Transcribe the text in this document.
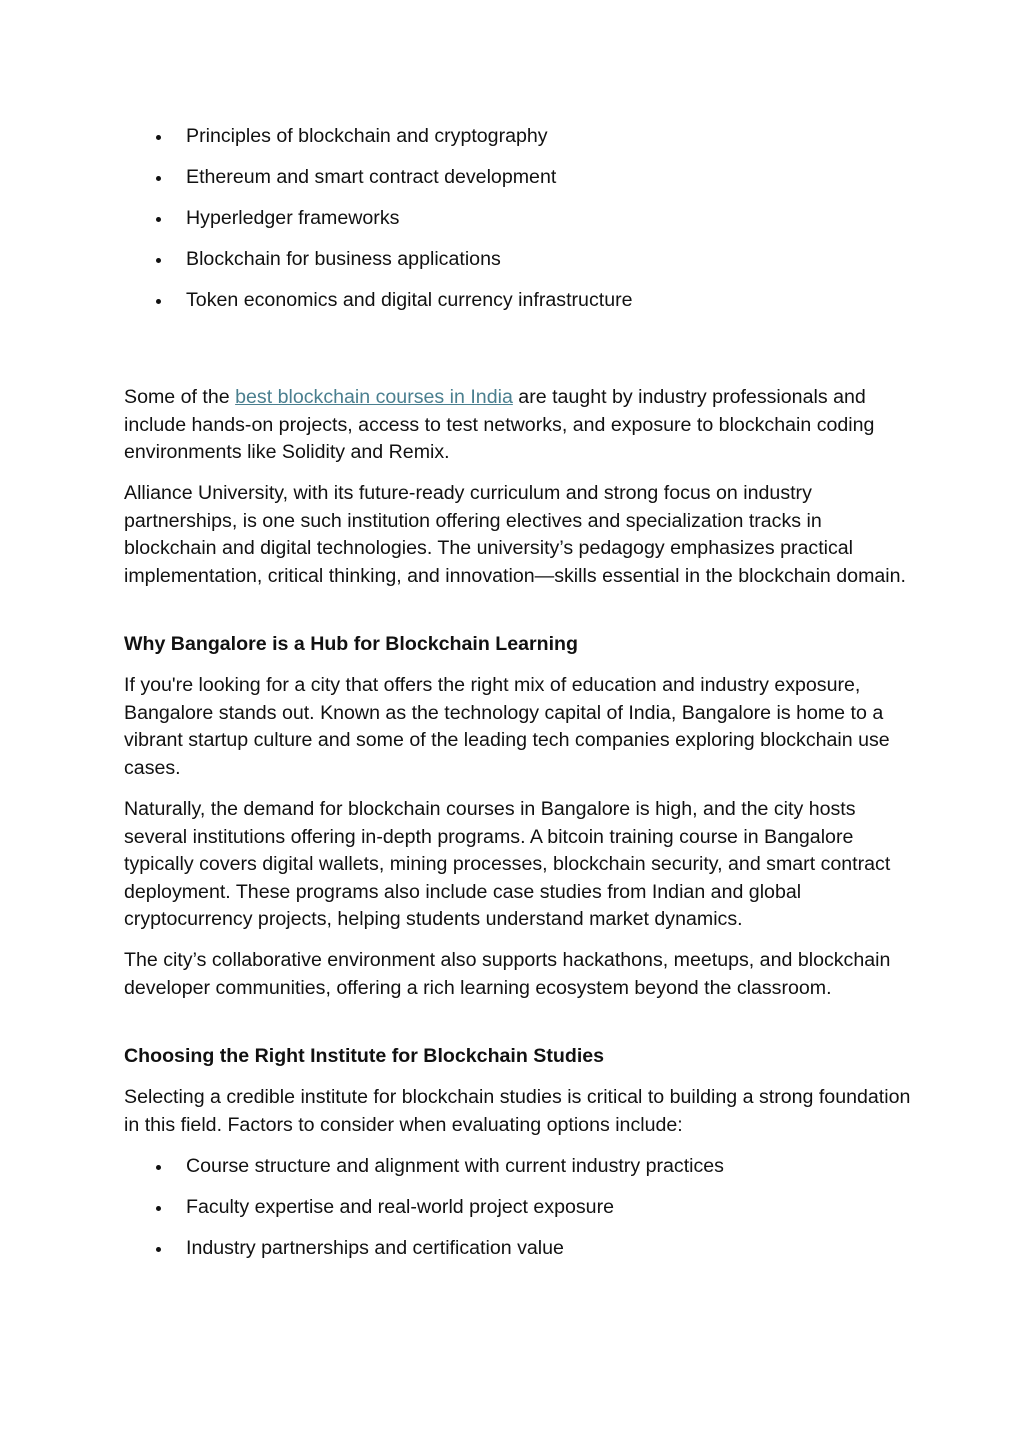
Principles of blockchain and cryptography
Ethereum and smart contract development
Hyperledger frameworks
Blockchain for business applications
Token economics and digital currency infrastructure

Some of the best blockchain courses in India are taught by industry professionals and include hands-on projects, access to test networks, and exposure to blockchain coding environments like Solidity and Remix.

Alliance University, with its future-ready curriculum and strong focus on industry partnerships, is one such institution offering electives and specialization tracks in blockchain and digital technologies. The university’s pedagogy emphasizes practical implementation, critical thinking, and innovation—skills essential in the blockchain domain.

Why Bangalore is a Hub for Blockchain Learning

If you're looking for a city that offers the right mix of education and industry exposure, Bangalore stands out. Known as the technology capital of India, Bangalore is home to a vibrant startup culture and some of the leading tech companies exploring blockchain use cases.

Naturally, the demand for blockchain courses in Bangalore is high, and the city hosts several institutions offering in-depth programs. A bitcoin training course in Bangalore typically covers digital wallets, mining processes, blockchain security, and smart contract deployment. These programs also include case studies from Indian and global cryptocurrency projects, helping students understand market dynamics.

The city’s collaborative environment also supports hackathons, meetups, and blockchain developer communities, offering a rich learning ecosystem beyond the classroom.

Choosing the Right Institute for Blockchain Studies

Selecting a credible institute for blockchain studies is critical to building a strong foundation in this field. Factors to consider when evaluating options include:

Course structure and alignment with current industry practices
Faculty expertise and real-world project exposure
Industry partnerships and certification value
